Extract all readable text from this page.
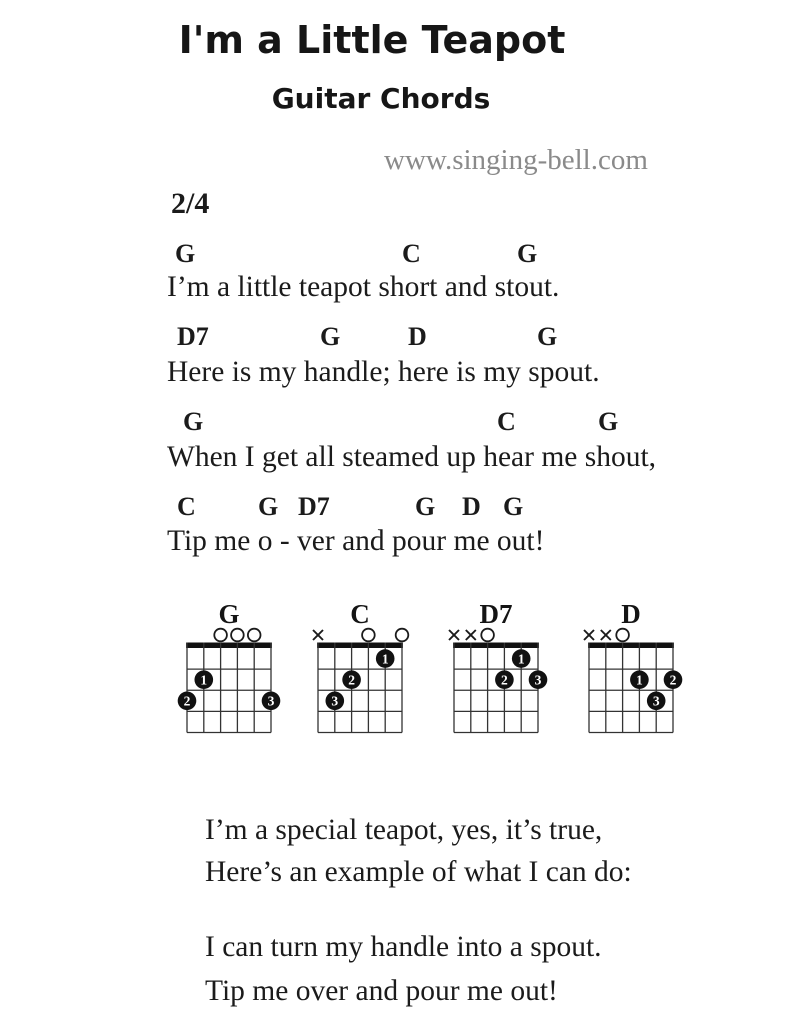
I'm a Little Teapot
Guitar Chords
www.singing-bell.com
2/4
G	C	G
I’m a little teapot short and stout.
D7	G	D	G
Here is my handle; here is my spout.
G	C	G
When I get all steamed up hear me shout,
C G D7	G D G
Tip me o - ver and pour me out!
G
1
2	3
C
1
2
3
D7
1
2 3
D
1 2
3
I’m a special teapot, yes, it’s true,
Here’s an example of what I can do:
I can turn my handle into a spout.
Tip me over and pour me out!
